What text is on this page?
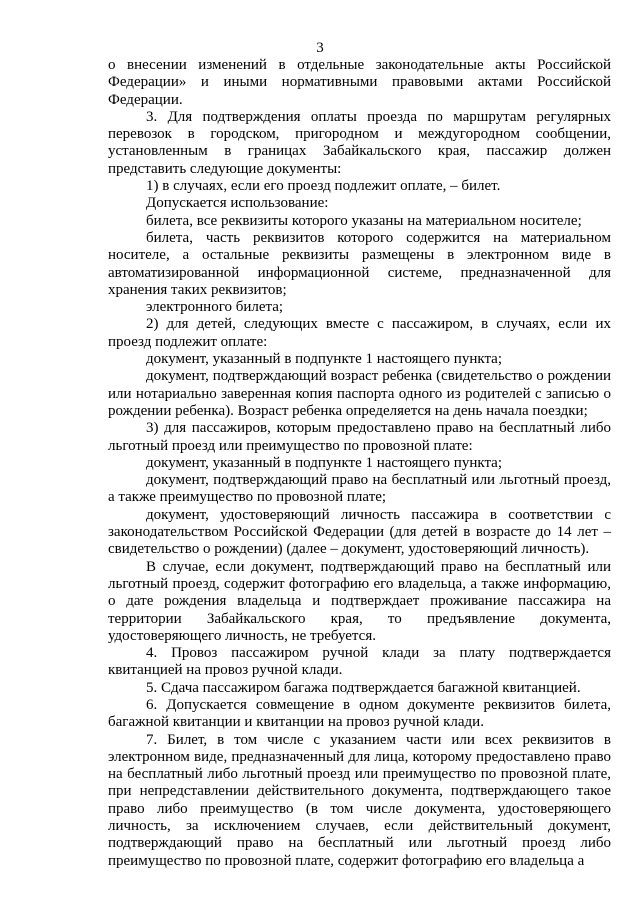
3

о внесении изменений в отдельные законодательные акты Российской Федерации» и иными нормативными правовыми актами Российской Федерации.

3. Для подтверждения оплаты проезда по маршрутам регулярных перевозок в городском, пригородном и междугородном сообщении, установленным в границах Забайкальского края, пассажир должен представить следующие документы:

1) в случаях, если его проезд подлежит оплате, – билет.

Допускается использование:

билета, все реквизиты которого указаны на материальном носителе;

билета, часть реквизитов которого содержится на материальном носителе, а остальные реквизиты размещены в электронном виде в автоматизированной информационной системе, предназначенной для хранения таких реквизитов;

электронного билета;

2) для детей, следующих вместе с пассажиром, в случаях, если их проезд подлежит оплате:

документ, указанный в подпункте 1 настоящего пункта;

документ, подтверждающий возраст ребенка (свидетельство о рождении или нотариально заверенная копия паспорта одного из родителей с записью о рождении ребенка). Возраст ребенка определяется на день начала поездки;

3) для пассажиров, которым предоставлено право на бесплатный либо льготный проезд или преимущество по провозной плате:

документ, указанный в подпункте 1 настоящего пункта;

документ, подтверждающий право на бесплатный или льготный проезд, а также преимущество по провозной плате;

документ, удостоверяющий личность пассажира в соответствии с законодательством Российской Федерации (для детей в возрасте до 14 лет – свидетельство о рождении) (далее – документ, удостоверяющий личность).

В случае, если документ, подтверждающий право на бесплатный или льготный проезд, содержит фотографию его владельца, а также информацию, о дате рождения владельца и подтверждает проживание пассажира на территории Забайкальского края, то предъявление документа, удостоверяющего личность, не требуется.

4. Провоз пассажиром ручной клади за плату подтверждается квитанцией на провоз ручной клади.

5. Сдача пассажиром багажа подтверждается багажной квитанцией.

6. Допускается совмещение в одном документе реквизитов билета, багажной квитанции и квитанции на провоз ручной клади.

7. Билет, в том числе с указанием части или всех реквизитов в электронном виде, предназначенный для лица, которому предоставлено право на бесплатный либо льготный проезд или преимущество по провозной плате, при непредставлении действительного документа, подтверждающего такое право либо преимущество (в том числе документа, удостоверяющего личность, за исключением случаев, если действительный документ, подтверждающий право на бесплатный или льготный проезд либо преимущество по провозной плате, содержит фотографию его владельца а
